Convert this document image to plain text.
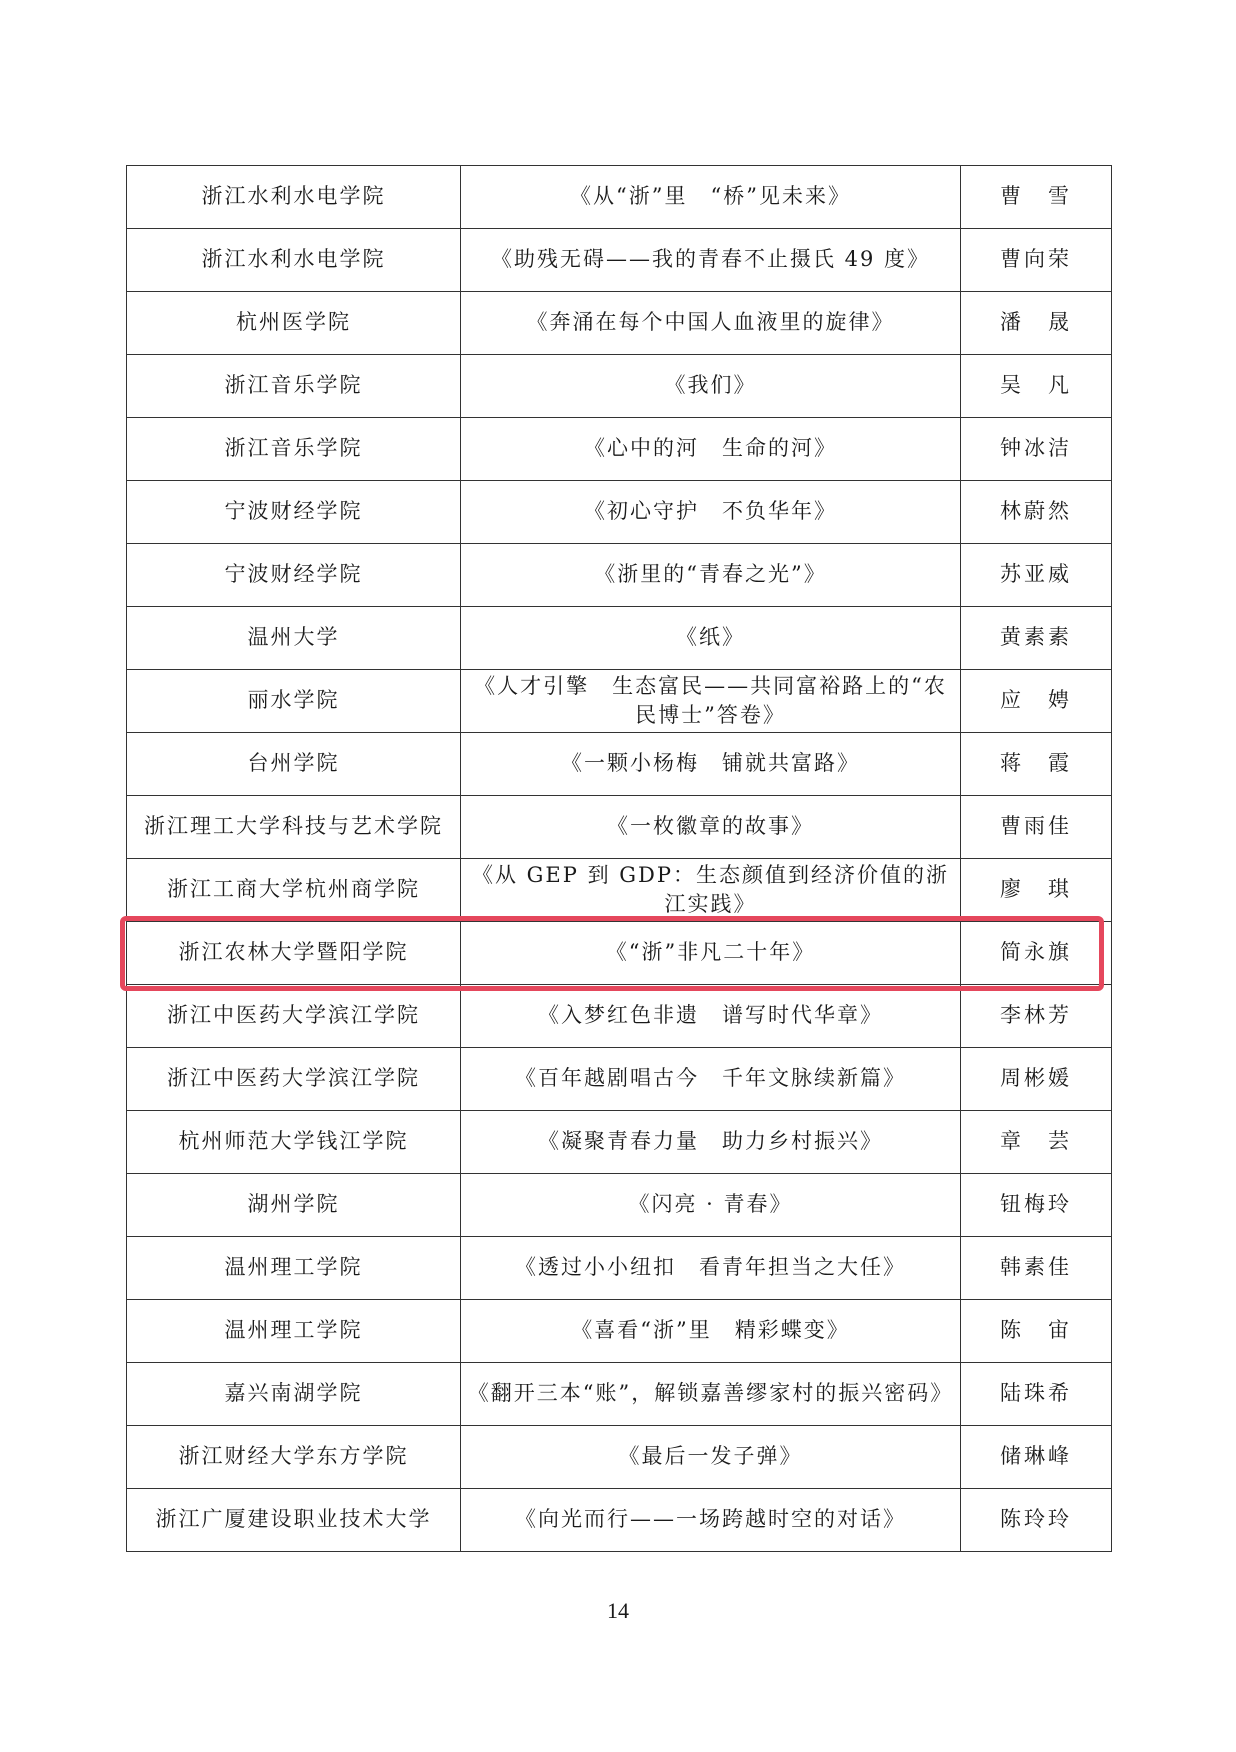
浙江水利水电学院	《从“浙”里　“桥”见未来》	曹　雪
浙江水利水电学院	《助残无碍——我的青春不止摄氏 49 度》	曹向荣
杭州医学院	《奔涌在每个中国人血液里的旋律》	潘　晟
浙江音乐学院	《我们》	吴　凡
浙江音乐学院	《心中的河　生命的河》	钟冰洁
宁波财经学院	《初心守护　不负华年》	林蔚然
宁波财经学院	《浙里的“青春之光”》	苏亚威
温州大学	《纸》	黄素素
丽水学院	《人才引擎　生态富民——共同富裕路上的“农民博士”答卷》	应　娉
台州学院	《一颗小杨梅　铺就共富路》	蒋　霞
浙江理工大学科技与艺术学院	《一枚徽章的故事》	曹雨佳
浙江工商大学杭州商学院	《从 GEP 到 GDP：生态颜值到经济价值的浙江实践》	廖　琪
浙江农林大学暨阳学院	《“浙”非凡二十年》	简永旗
浙江中医药大学滨江学院	《入梦红色非遗　谱写时代华章》	李林芳
浙江中医药大学滨江学院	《百年越剧唱古今　千年文脉续新篇》	周彬媛
杭州师范大学钱江学院	《凝聚青春力量　助力乡村振兴》	章　芸
湖州学院	《闪亮 · 青春》	钮梅玲
温州理工学院	《透过小小纽扣　看青年担当之大任》	韩素佳
温州理工学院	《喜看“浙”里　精彩蝶变》	陈　宙
嘉兴南湖学院	《翻开三本“账”，解锁嘉善缪家村的振兴密码》	陆珠希
浙江财经大学东方学院	《最后一发子弹》	储琳峰
浙江广厦建设职业技术大学	《向光而行——一场跨越时空的对话》	陈玲玲
14
